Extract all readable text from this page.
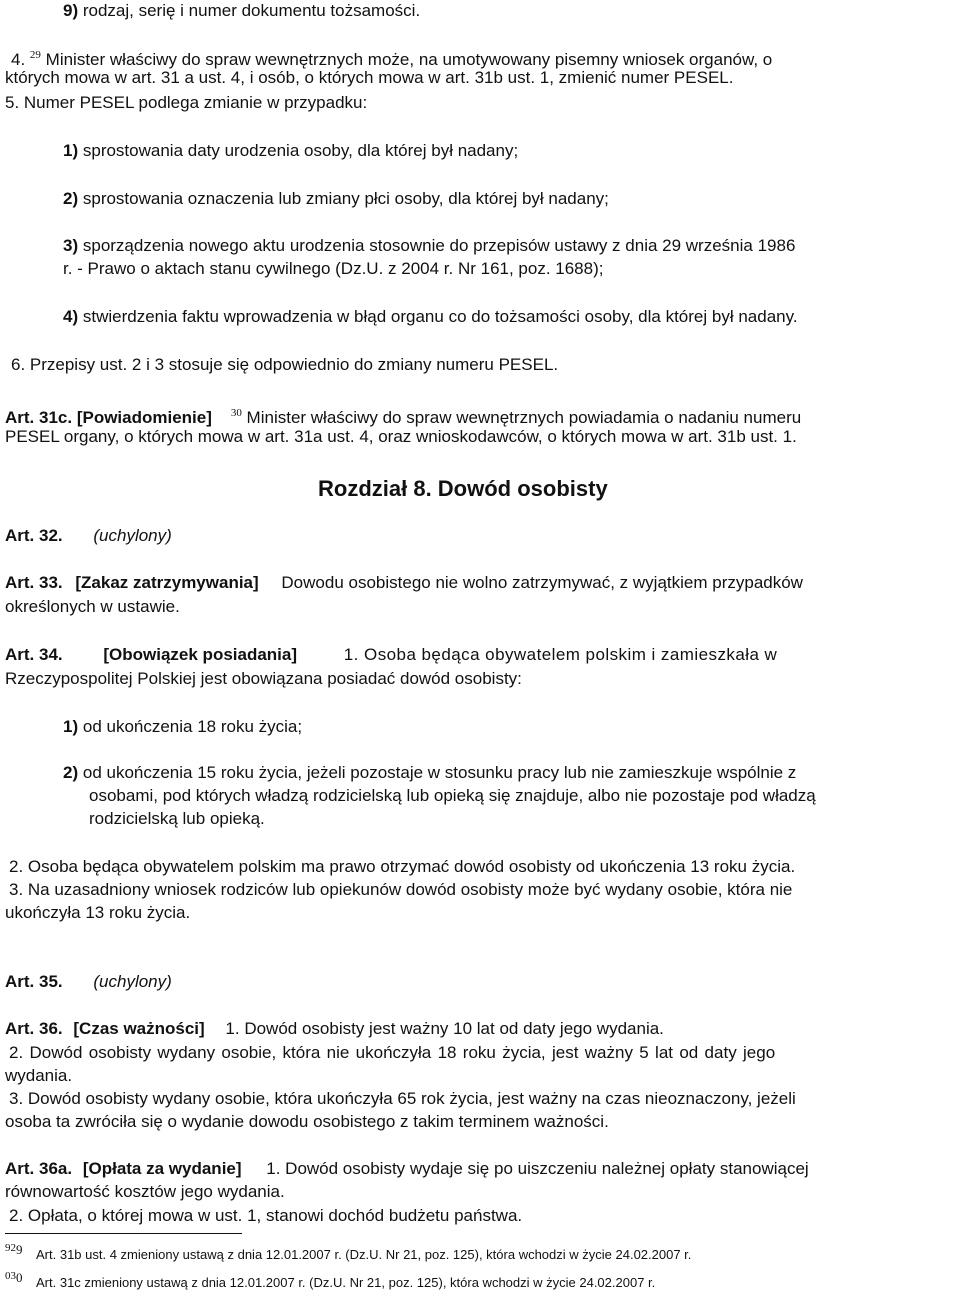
9) rodzaj, serię i numer dokumentu tożsamości.
4. $^{29}$ Minister właściwy do spraw wewnętrznych może, na umotywowany pisemny wniosek organów, o
których mowa w art. 31 a ust. 4, i osób, o których mowa w art. 31b ust. 1, zmienić numer PESEL.
5. Numer PESEL podlega zmianie w przypadku:
1) sprostowania daty urodzenia osoby, dla której był nadany;
2) sprostowania oznaczenia lub zmiany płci osoby, dla której był nadany;
3) sporządzenia nowego aktu urodzenia stosownie do przepisów ustawy z dnia 29 września 1986
r. - Prawo o aktach stanu cywilnego (Dz.U. z 2004 r. Nr 161, poz. 1688);
4) stwierdzenia faktu wprowadzenia w błąd organu co do tożsamości osoby, dla której był nadany.
6. Przepisy ust. 2 i 3 stosuje się odpowiednio do zmiany numeru PESEL.
Art. 31c. [Powiadomienie] $^{30}$ Minister właściwy do spraw wewnętrznych powiadamia o nadaniu numeru
PESEL organy, o których mowa w art. 31a ust. 4, oraz wnioskodawców, o których mowa w art. 31b ust. 1.
Rozdział 8. Dowód osobisty
Art. 32. (uchylony)
Art. 33. [Zakaz zatrzymywania] Dowodu osobistego nie wolno zatrzymywać, z wyjątkiem przypadków
określonych w ustawie.
Art. 34. [Obowiązek posiadania]	1. Osoba będąca obywatelem polskim i zamieszkała w
Rzeczypospolitej Polskiej jest obowiązana posiadać dowód osobisty:
1) od ukończenia 18 roku życia;
2) od ukończenia 15 roku życia, jeżeli pozostaje w stosunku pracy lub nie zamieszkuje wspólnie z
osobami, pod których władzą rodzicielską lub opieką się znajduje, albo nie pozostaje pod władzą
rodzicielską lub opieką.
2. Osoba będąca obywatelem polskim ma prawo otrzymać dowód osobisty od ukończenia 13 roku życia.
3. Na uzasadniony wniosek rodziców lub opiekunów dowód osobisty może być wydany osobie, która nie
ukończyła 13 roku życia.
Art. 35. (uchylony)
Art. 36. [Czas ważności] 1. Dowód osobisty jest ważny 10 lat od daty jego wydania.
2. Dowód osobisty wydany osobie, która nie ukończyła 18 roku życia, jest ważny 5 lat od daty jego
wydania.
3. Dowód osobisty wydany osobie, która ukończyła 65 rok życia, jest ważny na czas nieoznaczony, jeżeli
osoba ta zwróciła się o wydanie dowodu osobistego z takim terminem ważności.
Art. 36a. [Opłata za wydanie] 1. Dowód osobisty wydaje się po uiszczeniu należnej opłaty stanowiącej
równowartość kosztów jego wydania.
2. Opłata, o której mowa w ust. 1, stanowi dochód budżetu państwa.
929 Art. 31b ust. 4 zmieniony ustawą z dnia 12.01.2007 r. (Dz.U. Nr 21, poz. 125), która wchodzi w życie 24.02.2007 r.
030 Art. 31c zmieniony ustawą z dnia 12.01.2007 r. (Dz.U. Nr 21, poz. 125), która wchodzi w życie 24.02.2007 r.
